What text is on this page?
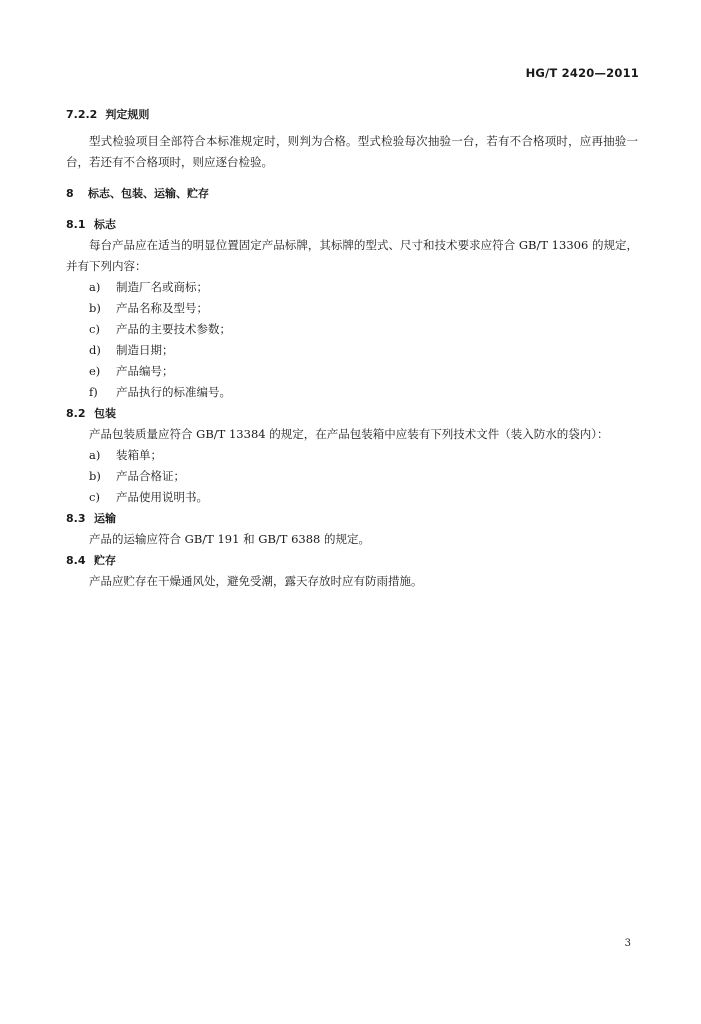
HG/T 2420—2011
7.2.2 判定规则
型式检验项目全部符合本标准规定时，则判为合格。型式检验每次抽验一台，若有不合格项时，应再抽验一台，若还有不合格项时，则应逐台检验。
8 标志、包装、运输、贮存
8.1 标志
每台产品应在适当的明显位置固定产品标牌，其标牌的型式、尺寸和技术要求应符合 GB/T 13306 的规定，并有下列内容：
a) 制造厂名或商标；
b) 产品名称及型号；
c) 产品的主要技术参数；
d) 制造日期；
e) 产品编号；
f) 产品执行的标准编号。
8.2 包装
产品包装质量应符合 GB/T 13384 的规定，在产品包装箱中应装有下列技术文件（装入防水的袋内）：
a) 装箱单；
b) 产品合格证；
c) 产品使用说明书。
8.3 运输
产品的运输应符合 GB/T 191 和 GB/T 6388 的规定。
8.4 贮存
产品应贮存在干燥通风处，避免受潮，露天存放时应有防雨措施。
3
